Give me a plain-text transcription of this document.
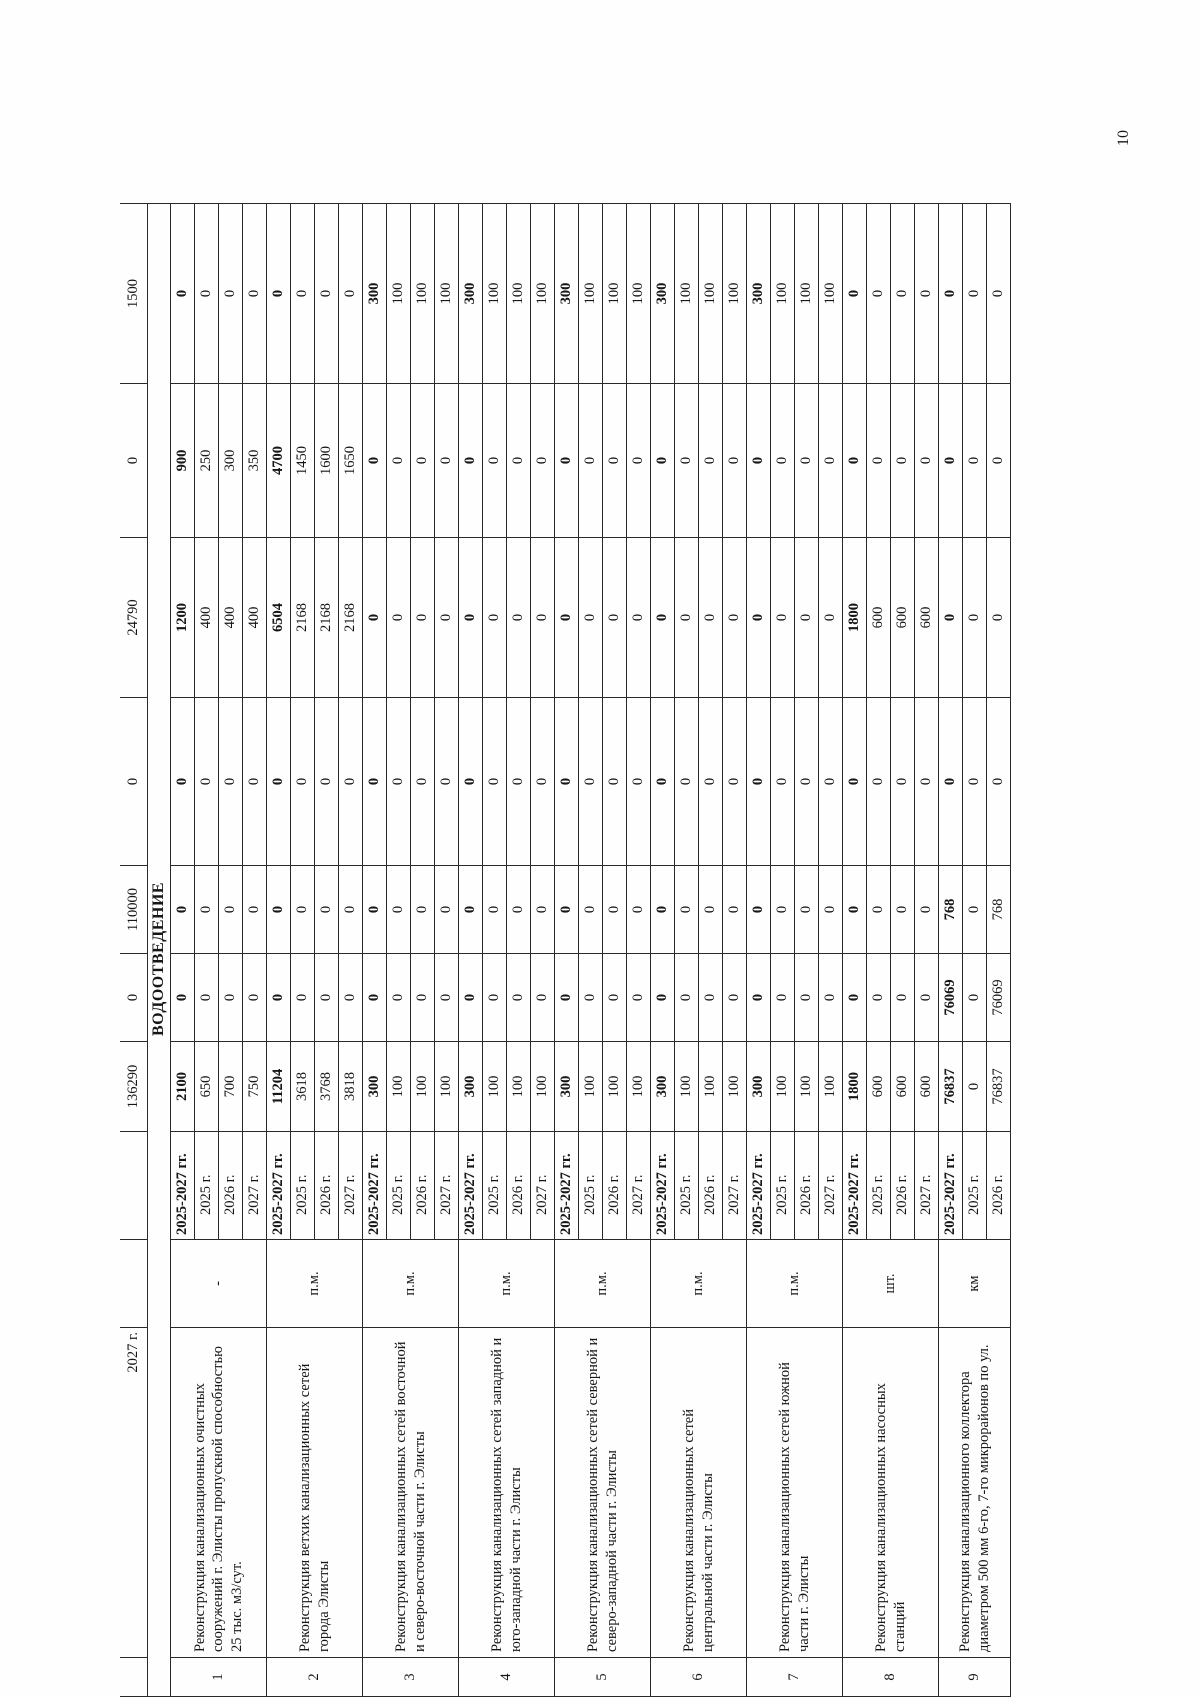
	2027 г.			136290	0	110000	0	24790	0	1500
ВОДООТВЕДЕНИЕ										
1	Реконструкция канализационных очистных сооружений г. Элисты пропускной способностью 25 тыс. м3/сут.	-	2025-2027 гг.	2100	0	0	0	1200	900	0
			2025 г.	650	0	0	0	400	250	0
			2026 г.	700	0	0	0	400	300	0
			2027 г.	750	0	0	0	400	350	0
2	Реконструкция ветхих канализационных сетей города Элисты	п.м.	2025-2027 гг.	11204	0	0	0	6504	4700	0
			2025 г.	3618	0	0	0	2168	1450	0
			2026 г.	3768	0	0	0	2168	1600	0
			2027 г.	3818	0	0	0	2168	1650	0
3	Реконструкция канализационных сетей восточной и северо-восточной части г. Элисты	п.м.	2025-2027 гг.	300	0	0	0	0	0	300
			2025 г.	100	0	0	0	0	0	100
			2026 г.	100	0	0	0	0	0	100
			2027 г.	100	0	0	0	0	0	100
4	Реконструкция канализационных сетей западной и юго-западной части г. Элисты	п.м.	2025-2027 гг.	300	0	0	0	0	0	300
			2025 г.	100	0	0	0	0	0	100
			2026 г.	100	0	0	0	0	0	100
			2027 г.	100	0	0	0	0	0	100
5	Реконструкция канализационных сетей северной и северо-западной части г. Элисты	п.м.	2025-2027 гг.	300	0	0	0	0	0	300
			2025 г.	100	0	0	0	0	0	100
			2026 г.	100	0	0	0	0	0	100
			2027 г.	100	0	0	0	0	0	100
6	Реконструкция канализационных сетей центральной части г. Элисты	п.м.	2025-2027 гг.	300	0	0	0	0	0	300
			2025 г.	100	0	0	0	0	0	100
			2026 г.	100	0	0	0	0	0	100
			2027 г.	100	0	0	0	0	0	100
7	Реконструкция канализационных сетей южной части г. Элисты	п.м.	2025-2027 гг.	300	0	0	0	0	0	300
			2025 г.	100	0	0	0	0	0	100
			2026 г.	100	0	0	0	0	0	100
			2027 г.	100	0	0	0	0	0	100
8	Реконструкция канализационных насосных станций	шт.	2025-2027 гг.	1800	0	0	0	1800	0	0
			2025 г.	600	0	0	0	600	0	0
			2026 г.	600	0	0	0	600	0	0
			2027 г.	600	0	0	0	600	0	0
9	Реконструкция канализационного коллектора диаметром 500 мм 6-го, 7-го микрорайонов по ул.	км	2025-2027 гг.	76837	76069	768	0	0	0	0
			2025 г.	0	0	0	0	0	0	0
			2026 г.	76837	76069	768	0	0	0	0
10
